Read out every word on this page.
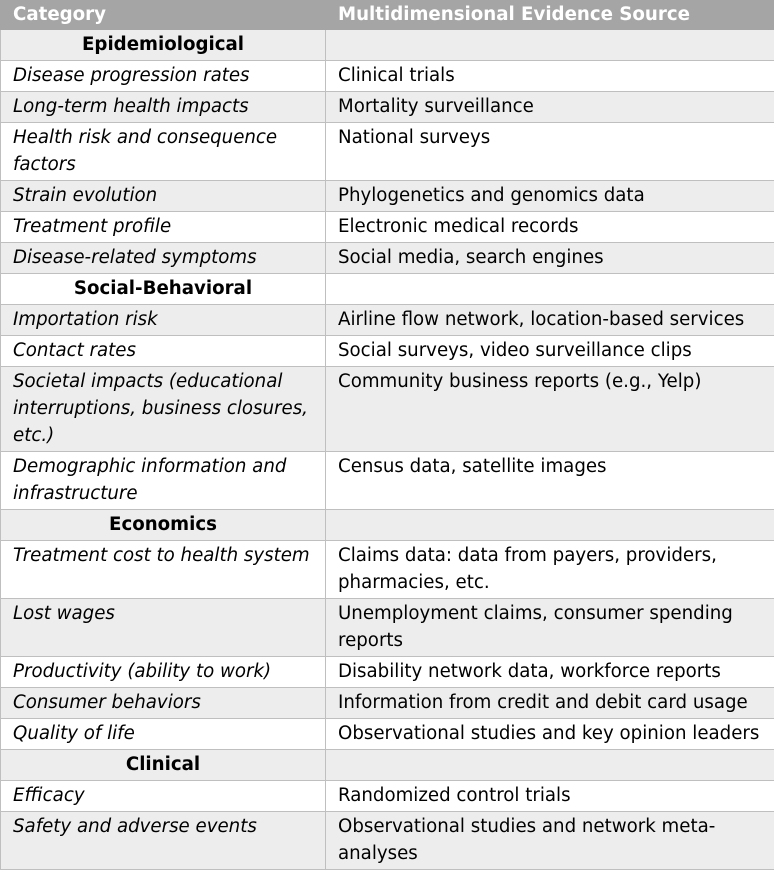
Category	Multidimensional Evidence Source
Epidemiological	
Disease progression rates	Clinical trials
Long-term health impacts	Mortality surveillance
Health risk and consequence factors	National surveys
Strain evolution	Phylogenetics and genomics data
Treatment profile	Electronic medical records
Disease-related symptoms	Social media, search engines
Social-Behavioral	
Importation risk	Airline flow network, location-based services
Contact rates	Social surveys, video surveillance clips
Societal impacts (educational interruptions, business closures, etc.)	Community business reports (e.g., Yelp)
Demographic information and infrastructure	Census data, satellite images
Economics	
Treatment cost to health system	Claims data: data from payers, providers, pharmacies, etc.
Lost wages	Unemployment claims, consumer spending reports
Productivity (ability to work)	Disability network data, workforce reports
Consumer behaviors	Information from credit and debit card usage
Quality of life	Observational studies and key opinion leaders
Clinical	
Efficacy	Randomized control trials
Safety and adverse events	Observational studies and network meta-analyses
